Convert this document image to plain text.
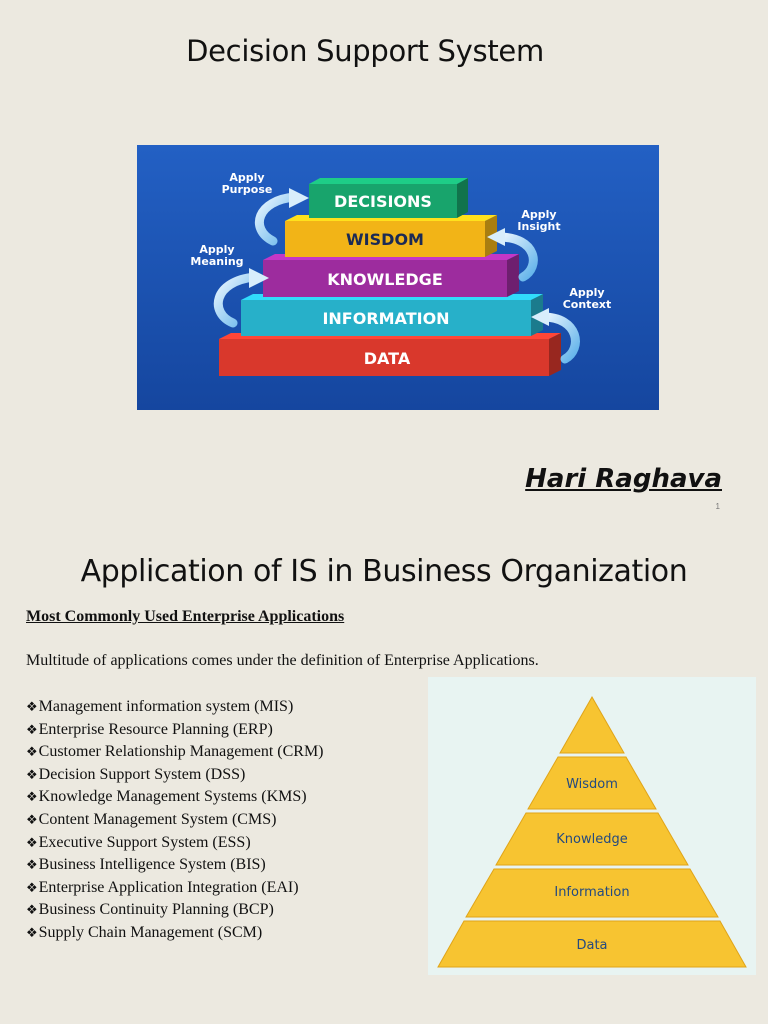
Decision Support System
DATA
INFORMATION
KNOWLEDGE
WISDOM
DECISIONS
Apply
Purpose
Apply
Meaning
Apply
Insight
Apply
Context
Hari Raghava
1
Application of IS in Business Organization
Most Commonly Used Enterprise Applications
Multitude of applications comes under the definition of Enterprise Applications.
❖ Management information system (MIS)
❖ Enterprise Resource Planning (ERP)
❖ Customer Relationship Management (CRM)
❖ Decision Support System (DSS)
❖ Knowledge Management Systems (KMS)
❖ Content Management System (CMS)
❖ Executive Support System (ESS)
❖ Business Intelligence System (BIS)
❖ Enterprise Application Integration (EAI)
❖ Business Continuity Planning (BCP)
❖ Supply Chain Management (SCM)
Wisdom
Knowledge
Information
Data
